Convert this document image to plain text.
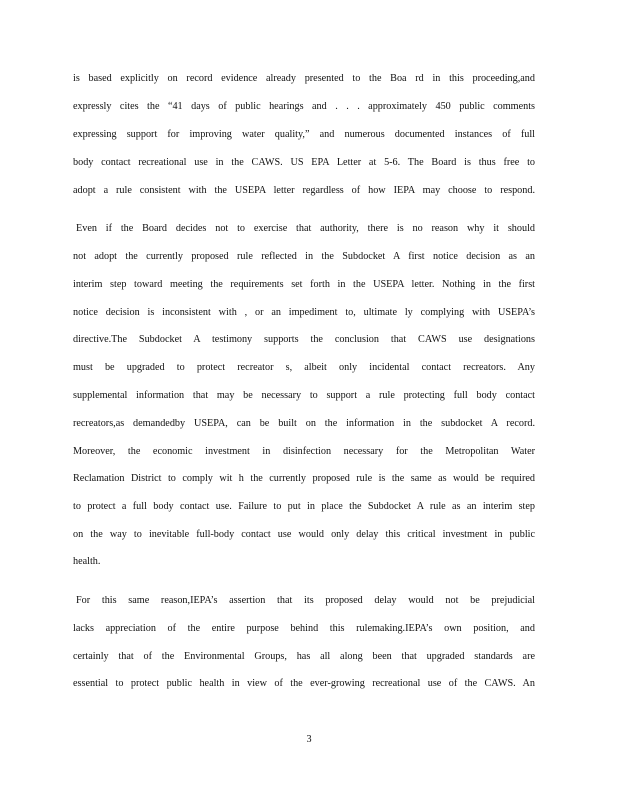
is based explicitly on record evidence already presented to the Boa rd in this proceeding,and
expressly cites the “41 days of public hearings and . . . approximately 450 public comments
expressing support for improving water quality,” and numerous documented instances of full
body contact recreational use in the CAWS. US EPA Letter at 5-6. The Board is thus free to
adopt a rule consistent with the USEPA letter regardless of how IEPA may choose to respond.
Even if the Board decides not to exercise that authority, there is no reason why it should
not adopt the currently proposed rule reflected in the Subdocket A first notice decision as an
interim step toward meeting the requirements set forth in the USEPA letter. Nothing in the first
notice decision is inconsistent with , or an impediment to, ultimate ly complying with USEPA’s
directive.The Subdocket A testimony supports the conclusion that CAWS use designations
must be upgraded to protect recreator s, albeit only incidental contact recreators. Any
supplemental information that may be necessary to support a rule protecting full body contact
recreators,as demandedby USEPA, can be built on the information in the subdocket A record.
Moreover, the economic investment in disinfection necessary for the Metropolitan Water
Reclamation District to comply wit h the currently proposed rule is the same as would be required
to protect a full body contact use. Failure to put in place the Subdocket A rule as an interim step
on the way to inevitable full-body contact use would only delay this critical investment in public
health.
For this same reason,IEPA’s assertion that its proposed delay would not be prejudicial
lacks appreciation of the entire purpose behind this rulemaking.IEPA’s own position, and
certainly that of the Environmental Groups, has all along been that upgraded standards are
essential to protect public health in view of the ever-growing recreational use of the CAWS. An
3
